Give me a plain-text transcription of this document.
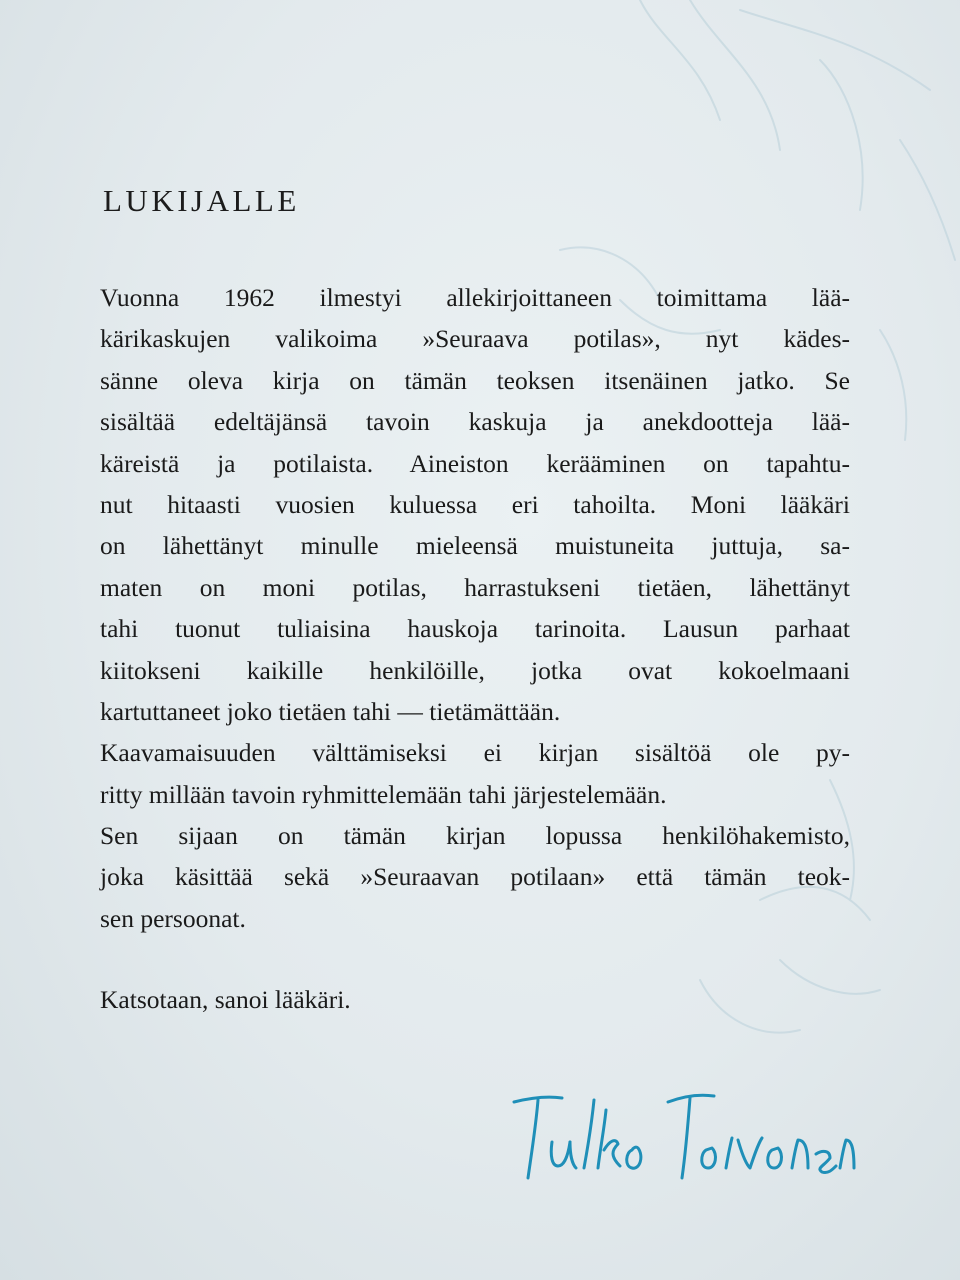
LUKIJALLE
Vuonna 1962 ilmestyi allekirjoittaneen toimittama lää-
kärikaskujen valikoima »Seuraava potilas», nyt kädes-
sänne oleva kirja on tämän teoksen itsenäinen jatko. Se
sisältää edeltäjänsä tavoin kaskuja ja anekdootteja lää-
käreistä ja potilaista. Aineiston kerääminen on tapahtu-
nut hitaasti vuosien kuluessa eri tahoilta. Moni lääkäri
on lähettänyt minulle mieleensä muistuneita juttuja, sa-
maten on moni potilas, harrastukseni tietäen, lähettänyt
tahi tuonut tuliaisina hauskoja tarinoita. Lausun parhaat
kiitokseni kaikille henkilöille, jotka ovat kokoelmaani
kartuttaneet joko tietäen tahi — tietämättään.
Kaavamaisuuden välttämiseksi ei kirjan sisältöä ole py-
ritty millään tavoin ryhmittelemään tahi järjestelemään.
Sen sijaan on tämän kirjan lopussa henkilöhakemisto,
joka käsittää sekä »Seuraavan potilaan» että tämän teok-
sen persoonat.
Katsotaan, sanoi lääkäri.
